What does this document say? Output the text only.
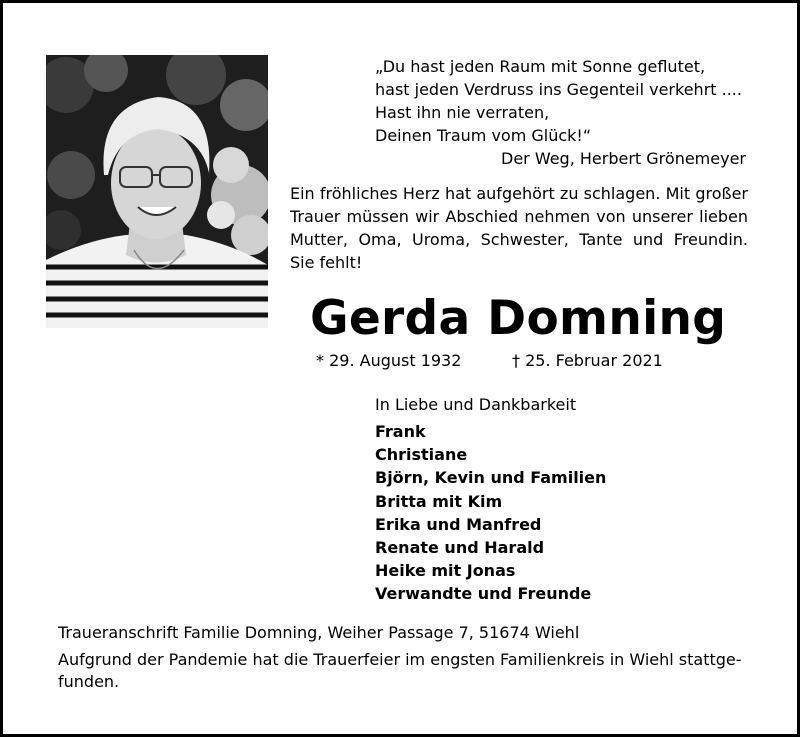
„Du hast jeden Raum mit Sonne geflutet,
hast jeden Verdruss ins Gegenteil verkehrt ....
Hast ihn nie verraten,
Deinen Traum vom Glück!“
Der Weg, Herbert Grönemeyer
Ein fröhliches Herz hat aufgehört zu schlagen. Mit großer
Trauer müssen wir Abschied nehmen von unserer lieben
Mutter, Oma, Uroma, Schwester, Tante und Freundin.
Sie fehlt!
Gerda Domning
* 29. August 1932	† 25. Februar 2021
In Liebe und Dankbarkeit
Frank
Christiane
Björn, Kevin und Familien
Britta mit Kim
Erika und Manfred
Renate und Harald
Heike mit Jonas
Verwandte und Freunde
Traueranschrift Familie Domning, Weiher Passage 7, 51674 Wiehl
Aufgrund der Pandemie hat die Trauerfeier im engsten Familienkreis in Wiehl stattge-
funden.
